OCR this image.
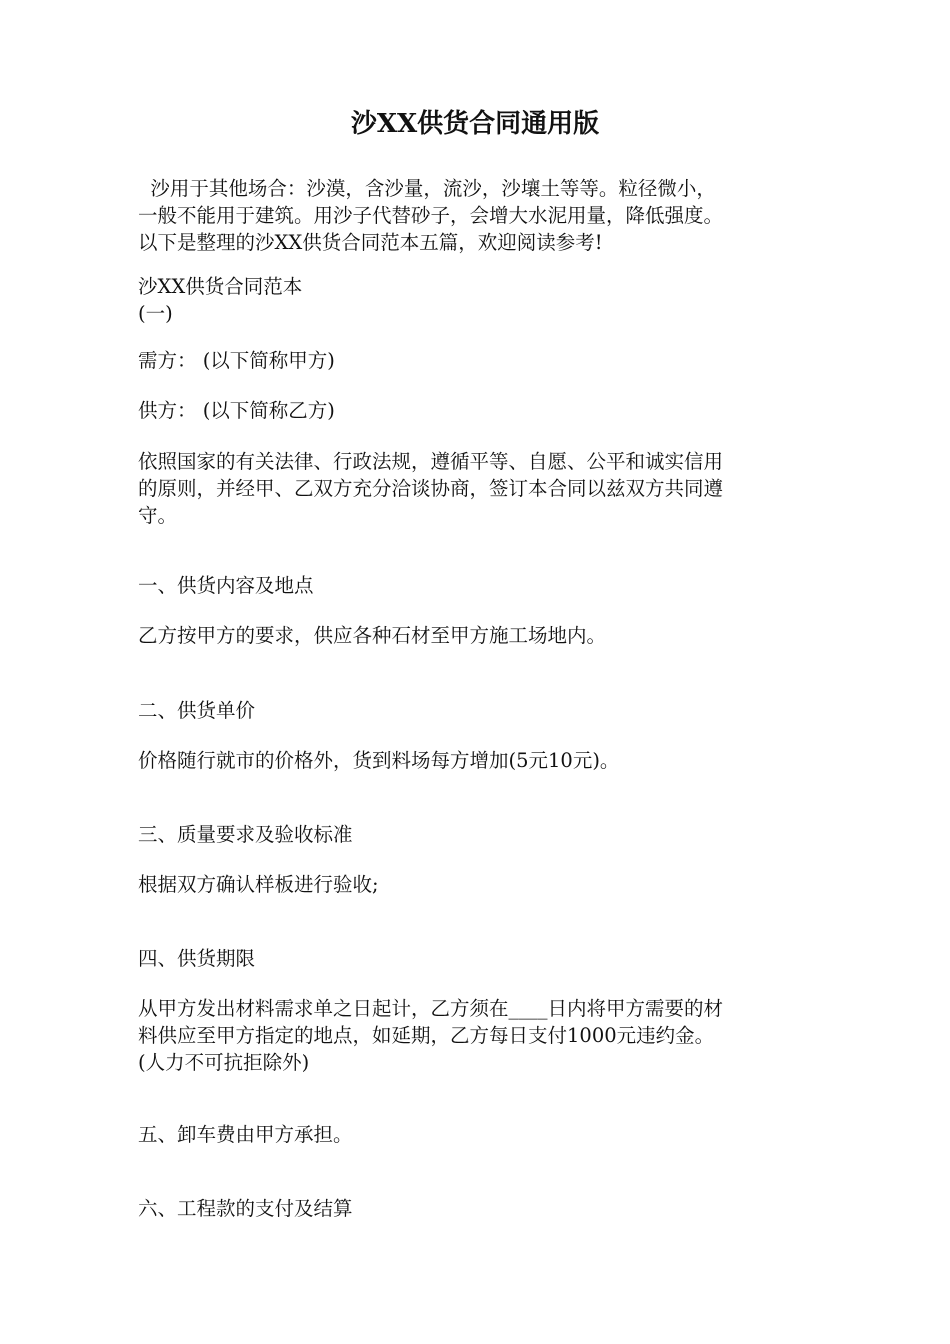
沙XX供货合同通用版
沙用于其他场合：沙漠，含沙量，流沙，沙壤土等等。粒径微小，
一般不能用于建筑。用沙子代替砂子，会增大水泥用量，降低强度。
以下是整理的沙XX供货合同范本五篇，欢迎阅读参考!
沙XX供货合同范本
(一)
需方： (以下简称甲方)
供方： (以下简称乙方)
依照国家的有关法律、行政法规，遵循平等、自愿、公平和诚实信用
的原则，并经甲、乙双方充分洽谈协商，签订本合同以兹双方共同遵
守。
一、供货内容及地点
乙方按甲方的要求，供应各种石材至甲方施工场地内。
二、供货单价
价格随行就市的价格外，货到料场每方增加(5元10元)。
三、质量要求及验收标准
根据双方确认样板进行验收;
四、供货期限
从甲方发出材料需求单之日起计，乙方须在____日内将甲方需要的材
料供应至甲方指定的地点，如延期，乙方每日支付1000元违约金。
(人力不可抗拒除外)
五、卸车费由甲方承担。
六、工程款的支付及结算
